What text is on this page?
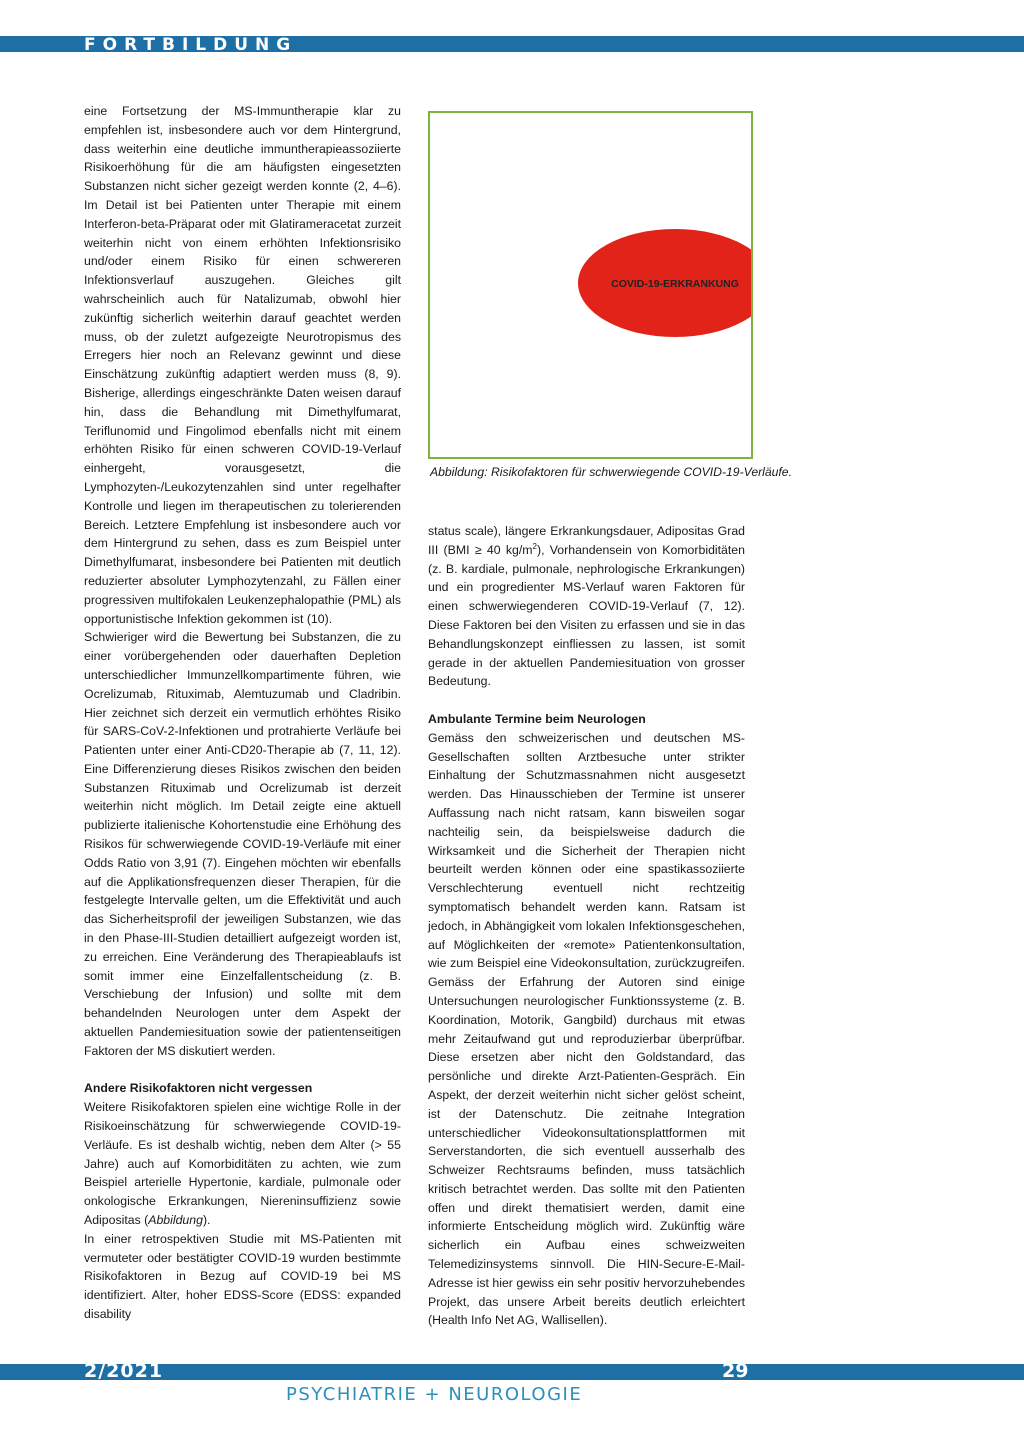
FORTBILDUNG

eine Fortsetzung der MS-Immuntherapie klar zu empfehlen ist, insbesondere auch vor dem Hintergrund, dass weiterhin eine deutliche immuntherapieassoziierte Risikoerhöhung für die am häufigsten eingesetzten Substanzen nicht sicher gezeigt werden konnte (2, 4–6). Im Detail ist bei Patienten unter Therapie mit einem Interferon-beta-Präparat oder mit Glatirameracetat zurzeit weiterhin nicht von einem erhöhten Infektionsrisiko und/oder einem Risiko für einen schwereren Infektionsverlauf auszugehen. Gleiches gilt wahrscheinlich auch für Natalizumab, obwohl hier zukünftig sicherlich weiterhin darauf geachtet werden muss, ob der zuletzt aufgezeigte Neurotropismus des Erregers hier noch an Relevanz gewinnt und diese Einschätzung zukünftig adaptiert werden muss (8, 9). Bisherige, allerdings eingeschränkte Daten weisen darauf hin, dass die Behandlung mit Dimethylfumarat, Teriflunomid und Fingolimod ebenfalls nicht mit einem erhöhten Risiko für einen schweren COVID-19-Verlauf einhergeht, vorausgesetzt, die Lymphozyten-/Leukozytenzahlen sind unter regelhafter Kontrolle und liegen im therapeutischen zu tolerierenden Bereich. Letztere Empfehlung ist insbesondere auch vor dem Hintergrund zu sehen, dass es zum Beispiel unter Dimethylfumarat, insbesondere bei Patienten mit deutlich reduzierter absoluter Lymphozytenzahl, zu Fällen einer progressiven multifokalen Leukenzephalopathie (PML) als opportunistische Infektion gekommen ist (10).

Schwieriger wird die Bewertung bei Substanzen, die zu einer vorübergehenden oder dauerhaften Depletion unterschiedlicher Immunzellkompartimente führen, wie Ocrelizumab, Rituximab, Alemtuzumab und Cladribin. Hier zeichnet sich derzeit ein vermutlich erhöhtes Risiko für SARS-CoV-2-Infektionen und protrahierte Verläufe bei Patienten unter einer Anti-CD20-Therapie ab (7, 11, 12). Eine Differenzierung dieses Risikos zwischen den beiden Substanzen Rituximab und Ocrelizumab ist derzeit weiterhin nicht möglich. Im Detail zeigte eine aktuell publizierte italienische Kohortenstudie eine Erhöhung des Risikos für schwerwiegende COVID-19-Verläufe mit einer Odds Ratio von 3,91 (7). Eingehen möchten wir ebenfalls auf die Applikationsfrequenzen dieser Therapien, für die festgelegte Intervalle gelten, um die Effektivität und auch das Sicherheitsprofil der jeweiligen Substanzen, wie das in den Phase-III-Studien detailliert aufgezeigt worden ist, zu erreichen. Eine Veränderung des Therapieablaufs ist somit immer eine Einzelfallentscheidung (z. B. Verschiebung der Infusion) und sollte mit dem behandelnden Neurologen unter dem Aspekt der aktuellen Pandemiesituation sowie der patientenseitigen Faktoren der MS diskutiert werden.

Andere Risikofaktoren nicht vergessen

Weitere Risikofaktoren spielen eine wichtige Rolle in der Risikoeinschätzung für schwerwiegende COVID-19-Verläufe. Es ist deshalb wichtig, neben dem Alter (> 55 Jahre) auch auf Komorbiditäten zu achten, wie zum Beispiel arterielle Hypertonie, kardiale, pulmonale oder onkologische Erkrankungen, Niereninsuffizienz sowie Adipositas (Abbildung).

In einer retrospektiven Studie mit MS-Patienten mit vermuteter oder bestätigter COVID-19 wurden bestimmte Risikofaktoren in Bezug auf COVID-19 bei MS identifiziert. Alter, hoher EDSS-Score (EDSS: expanded disability

COVID-19-ERKRANKUNG
Abbildung: Risikofaktoren für schwerwiegende COVID-19-Verläufe.

status scale), längere Erkrankungsdauer, Adipositas Grad III (BMI ≥ 40 $kg/m^2$), Vorhandensein von Komorbiditäten (z. B. kardiale, pulmonale, nephrologische Erkrankungen) und ein progredienter MS-Verlauf waren Faktoren für einen schwerwiegenderen COVID-19-Verlauf (7, 12). Diese Faktoren bei den Visiten zu erfassen und sie in das Behandlungskonzept einfliessen zu lassen, ist somit gerade in der aktuellen Pandemiesituation von grosser Bedeutung.

Ambulante Termine beim Neurologen

Gemäss den schweizerischen und deutschen MS-Gesellschaften sollten Arztbesuche unter strikter Einhaltung der Schutzmassnahmen nicht ausgesetzt werden. Das Hinausschieben der Termine ist unserer Auffassung nach nicht ratsam, kann bisweilen sogar nachteilig sein, da beispielsweise dadurch die Wirksamkeit und die Sicherheit der Therapien nicht beurteilt werden können oder eine spastikassoziierte Verschlechterung eventuell nicht rechtzeitig symptomatisch behandelt werden kann. Ratsam ist jedoch, in Abhängigkeit vom lokalen Infektionsgeschehen, auf Möglichkeiten der «remote» Patientenkonsultation, wie zum Beispiel eine Videokonsultation, zurückzugreifen. Gemäss der Erfahrung der Autoren sind einige Untersuchungen neurologischer Funktionssysteme (z. B. Koordination, Motorik, Gangbild) durchaus mit etwas mehr Zeitaufwand gut und reproduzierbar überprüfbar. Diese ersetzen aber nicht den Goldstandard, das persönliche und direkte Arzt-Patienten-Gespräch. Ein Aspekt, der derzeit weiterhin nicht sicher gelöst scheint, ist der Datenschutz. Die zeitnahe Integration unterschiedlicher Videokonsultationsplattformen mit Serverstandorten, die sich eventuell ausserhalb des Schweizer Rechtsraums befinden, muss tatsächlich kritisch betrachtet werden. Das sollte mit den Patienten offen und direkt thematisiert werden, damit eine informierte Entscheidung möglich wird. Zukünftig wäre sicherlich ein Aufbau eines schweizweiten Telemedizinsystems sinnvoll. Die HIN-Secure-E-Mail-Adresse ist hier gewiss ein sehr positiv hervorzuhebendes Projekt, das unsere Arbeit bereits deutlich erleichtert (Health Info Net AG, Wallisellen).

2/2021	29
PSYCHIATRIE + NEUROLOGIE
